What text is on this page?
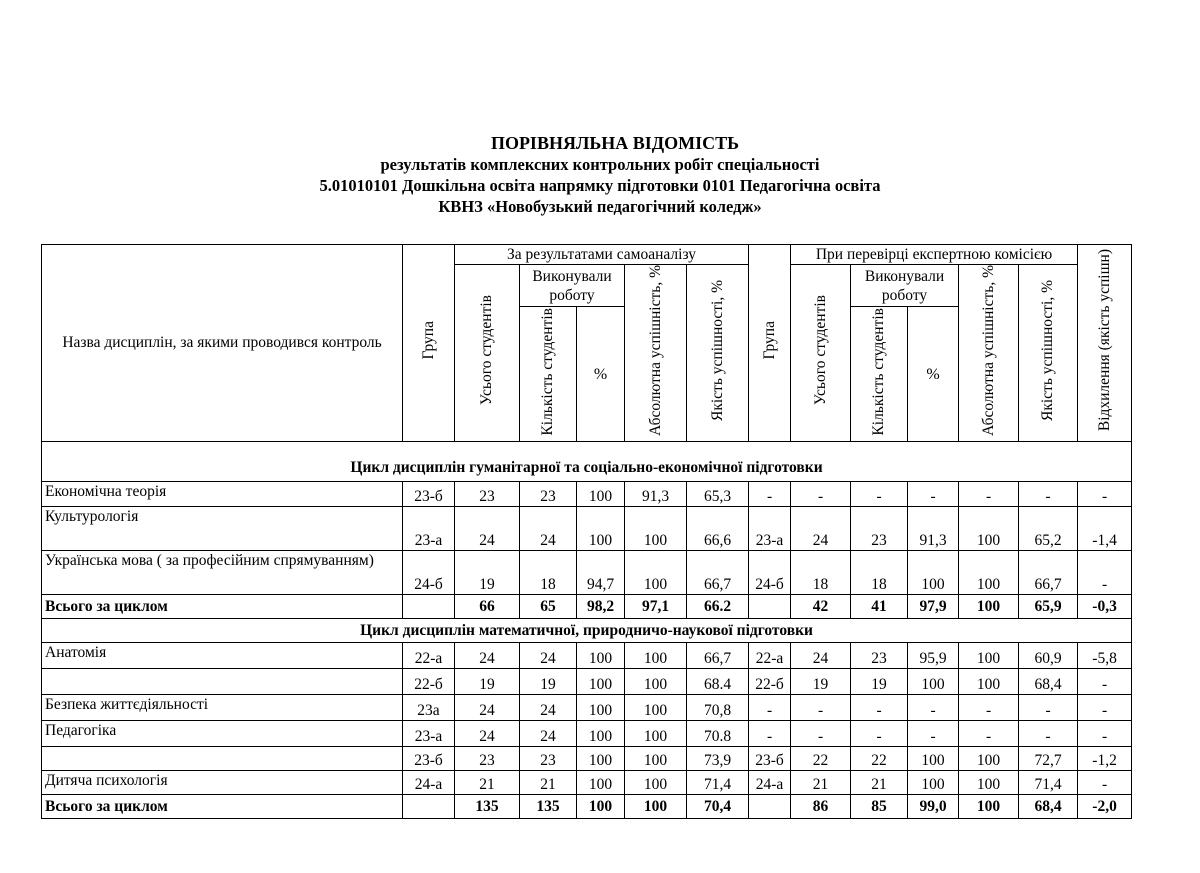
ПОРІВНЯЛЬНА ВІДОМІСТЬ
результатів комплексних контрольних робіт спеціальності
5.01010101 Дошкільна освіта напрямку підготовки 0101 Педагогічна освіта
КВНЗ «Новобузький педагогічний коледж»
Назва дисциплін, за якими проводився контроль	Група	За результатами самоаналізу					Група	При перевірці експертною комісією					Відхилення (якість успішн)
		Усього студентів	Виконували роботу		Абсолютна успішність, %	Якість успішності, %		Усього студентів	Виконували роботу		Абсолютна успішність, %	Якість успішності, %	
			Кількість студентів	%					Кількість студентів	%			
Цикл дисциплін гуманітарної та соціально-економічної підготовки													
Економічна теорія	23-б	23	23	100	91,3	65,3	-	-	-	-	-	-	-
Культурологія	23-а	24	24	100	100	66,6	23-а	24	23	91,3	100	65,2	-1,4
Українська мова ( за професійним спрямуванням)	24-б	19	18	94,7	100	66,7	24-б	18	18	100	100	66,7	-
Всього за циклом		66	65	98,2	97,1	66.2		42	41	97,9	100	65,9	-0,3
Цикл дисциплін математичної, природничо-наукової підготовки													
Анатомія	22-а	24	24	100	100	66,7	22-а	24	23	95,9	100	60,9	-5,8
	22-б	19	19	100	100	68.4	22-б	19	19	100	100	68,4	-
Безпека життєдіяльності	23а	24	24	100	100	70,8	-	-	-	-	-	-	-
Педагогіка	23-а	24	24	100	100	70.8	-	-	-	-	-	-	-
	23-б	23	23	100	100	73,9	23-б	22	22	100	100	72,7	-1,2
Дитяча психологія	24-а	21	21	100	100	71,4	24-а	21	21	100	100	71,4	-
Всього за циклом		135	135	100	100	70,4		86	85	99,0	100	68,4	-2,0
